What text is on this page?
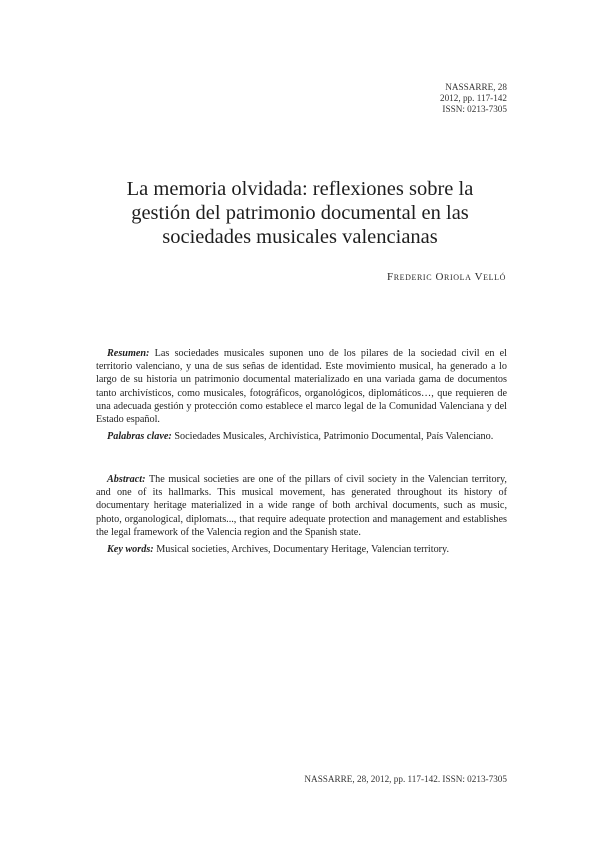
NASSARRE, 28
2012, pp. 117-142
ISSN: 0213-7305
La memoria olvidada: reflexiones sobre la
gestión del patrimonio documental en las
sociedades musicales valencianas
Frederic Oriola Velló

Resumen: Las sociedades musicales suponen uno de los pilares de la sociedad civil en el territorio valenciano, y una de sus señas de identidad. Este movimiento musical, ha generado a lo largo de su historia un patrimonio documental materializado en una variada gama de documentos tanto archivísticos, como musicales, fotográficos, organológicos, diplomáticos…, que requieren de una adecuada gestión y protección como establece el marco legal de la Comunidad Valenciana y del Estado español.

Palabras clave: Sociedades Musicales, Archivística, Patrimonio Documental, País Valenciano.

Abstract: The musical societies are one of the pillars of civil society in the Valencian territory, and one of its hallmarks. This musical movement, has generated throughout its history of documentary heritage materialized in a wide range of both archival documents, such as music, photo, organological, diplomats..., that require adequate protection and management and establishes the legal framework of the Valencia region and the Spanish state.

Key words: Musical societies, Archives, Documentary Heritage, Valencian territory.

NASSARRE, 28, 2012, pp. 117-142. ISSN: 0213-7305
